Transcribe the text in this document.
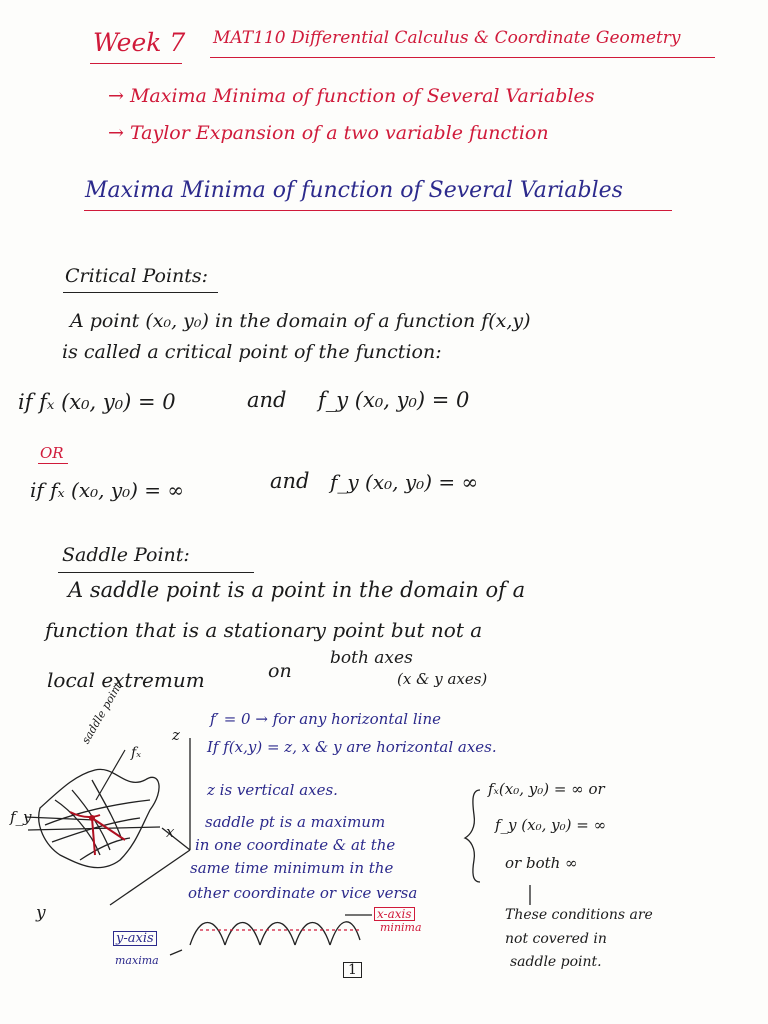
Week 7 MAT110 Differential Calculus & Coordinate Geometry
→ Maxima Minima of function of Several Variables
→ Taylor Expansion of a two variable function
Maxima Minima of function of Several Variables
Critical Points:
A point (x₀, y₀) in the domain of a function f(x,y)
is called a critical point of the function:
if fₓ (x₀, y₀) = 0	and f_y (x₀, y₀) = 0
OR
if fₓ (x₀, y₀) = ∞	and f_y (x₀, y₀) = ∞
Saddle Point:
A saddle point is a point in the domain of a
function that is a stationary point but not a
local extremum	on
both axes
(x & y axes)
z
x
y
fₓ
f_y
saddle point	f′ = 0 → for any horizontal line
If f(x,y) = z, x & y are horizontal axes.
z is vertical axes.
saddle pt is a maximum
in one coordinate & at the
same time minimum in the
other coordinate or vice versa
x-axis
minima
y-axis
maxima
fₓ(x₀, y₀) = ∞ or
f_y (x₀, y₀) = ∞
or both ∞
These conditions are
not covered in
saddle point.
1
